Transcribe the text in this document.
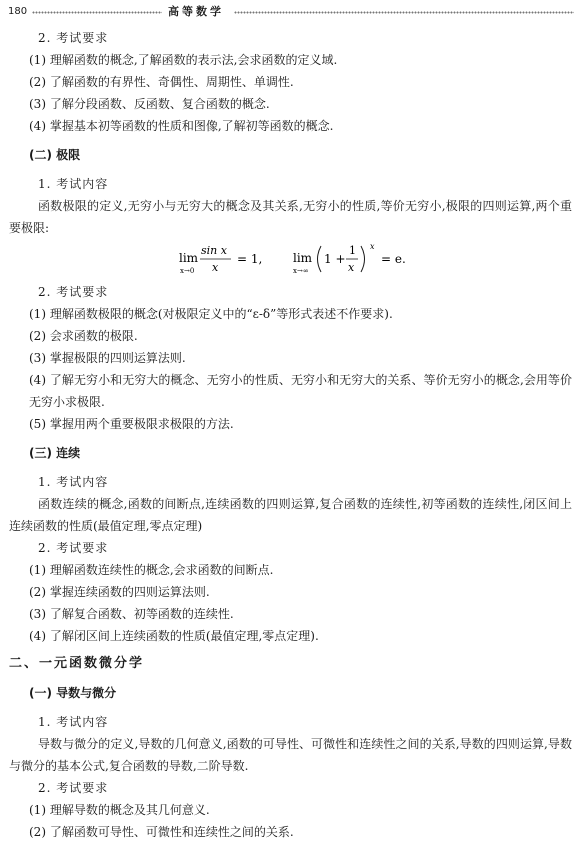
180	高等数学
2. 考试要求
(1) 理解函数的概念,了解函数的表示法,会求函数的定义域.
(2) 了解函数的有界性、奇偶性、周期性、单调性.
(3) 了解分段函数、反函数、复合函数的概念.
(4) 掌握基本初等函数的性质和图像,了解初等函数的概念.
(二) 极限
1. 考试内容
函数极限的定义,无穷小与无穷大的概念及其关系,无穷小的性质,等价无穷小,极限的四则运算,两个重要极限:
lim
x→0
sin x
x
= 1,	lim
x→∞
1 +
1
x
x
= e.
2. 考试要求
(1) 理解函数极限的概念(对极限定义中的“ε-δ”等形式表述不作要求).
(2) 会求函数的极限.
(3) 掌握极限的四则运算法则.
(4) 了解无穷小和无穷大的概念、无穷小的性质、无穷小和无穷大的关系、等价无穷小的概念,会用等价无穷小求极限.
(5) 掌握用两个重要极限求极限的方法.
(三) 连续
1. 考试内容
函数连续的概念,函数的间断点,连续函数的四则运算,复合函数的连续性,初等函数的连续性,闭区间上连续函数的性质(最值定理,零点定理)
2. 考试要求
(1) 理解函数连续性的概念,会求函数的间断点.
(2) 掌握连续函数的四则运算法则.
(3) 了解复合函数、初等函数的连续性.
(4) 了解闭区间上连续函数的性质(最值定理,零点定理).
二、一元函数微分学
(一) 导数与微分
1. 考试内容
导数与微分的定义,导数的几何意义,函数的可导性、可微性和连续性之间的关系,导数的四则运算,导数与微分的基本公式,复合函数的导数,二阶导数.
2. 考试要求
(1) 理解导数的概念及其几何意义.
(2) 了解函数可导性、可微性和连续性之间的关系.
